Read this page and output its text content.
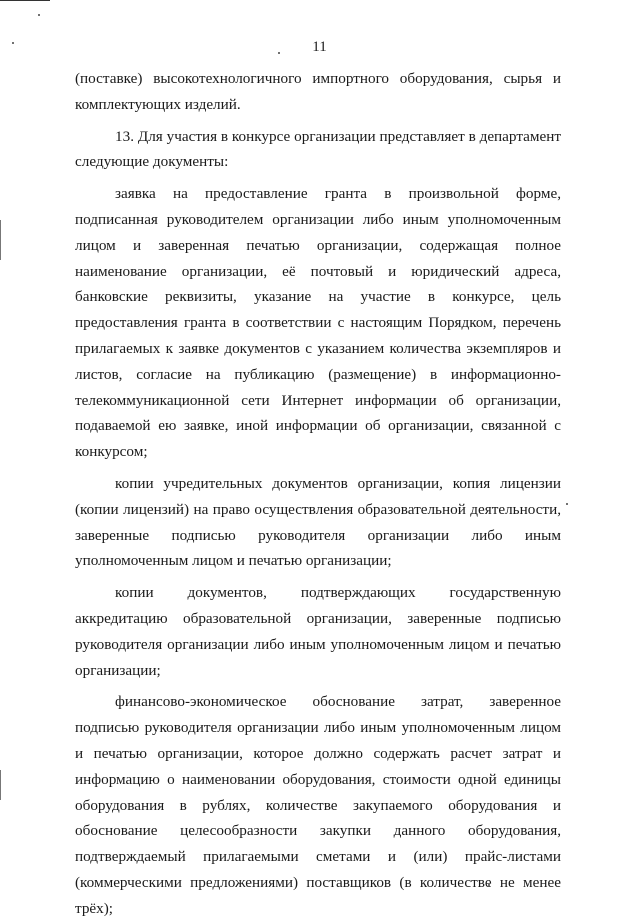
11

(поставке) высокотехнологичного импортного оборудования, сырья и комплектующих изделий.

13. Для участия в конкурсе организации представляет в департамент следующие документы:

заявка на предоставление гранта в произвольной форме, подписанная руководителем организации либо иным уполномоченным лицом и заверенная печатью организации, содержащая полное наименование организации, её почтовый и юридический адреса, банковские реквизиты, указание на участие в конкурсе, цель предоставления гранта в соответствии с настоящим Порядком, перечень прилагаемых к заявке документов с указанием количества экземпляров и листов, согласие на публикацию (размещение) в информационно-телекоммуникационной сети Интернет информации об организации, подаваемой ею заявке, иной информации об организации, связанной с конкурсом;

копии учредительных документов организации, копия лицензии (копии лицензий) на право осуществления образовательной деятельности, заверенные подписью руководителя организации либо иным уполномоченным лицом и печатью организации;

копии документов, подтверждающих государственную аккредитацию образовательной организации, заверенные подписью руководителя организации либо иным уполномоченным лицом и печатью организации;

финансово-экономическое обоснование затрат, заверенное подписью руководителя организации либо иным уполномоченным лицом и печатью организации, которое должно содержать расчет затрат и информацию о наименовании оборудования, стоимости одной единицы оборудования в рублях, количестве закупаемого оборудования и обоснование целесообразности закупки данного оборудования, подтверждаемый прилагаемыми сметами и (или) прайс-листами (коммерческими предложениями) поставщиков (в количестве не менее трёх);
